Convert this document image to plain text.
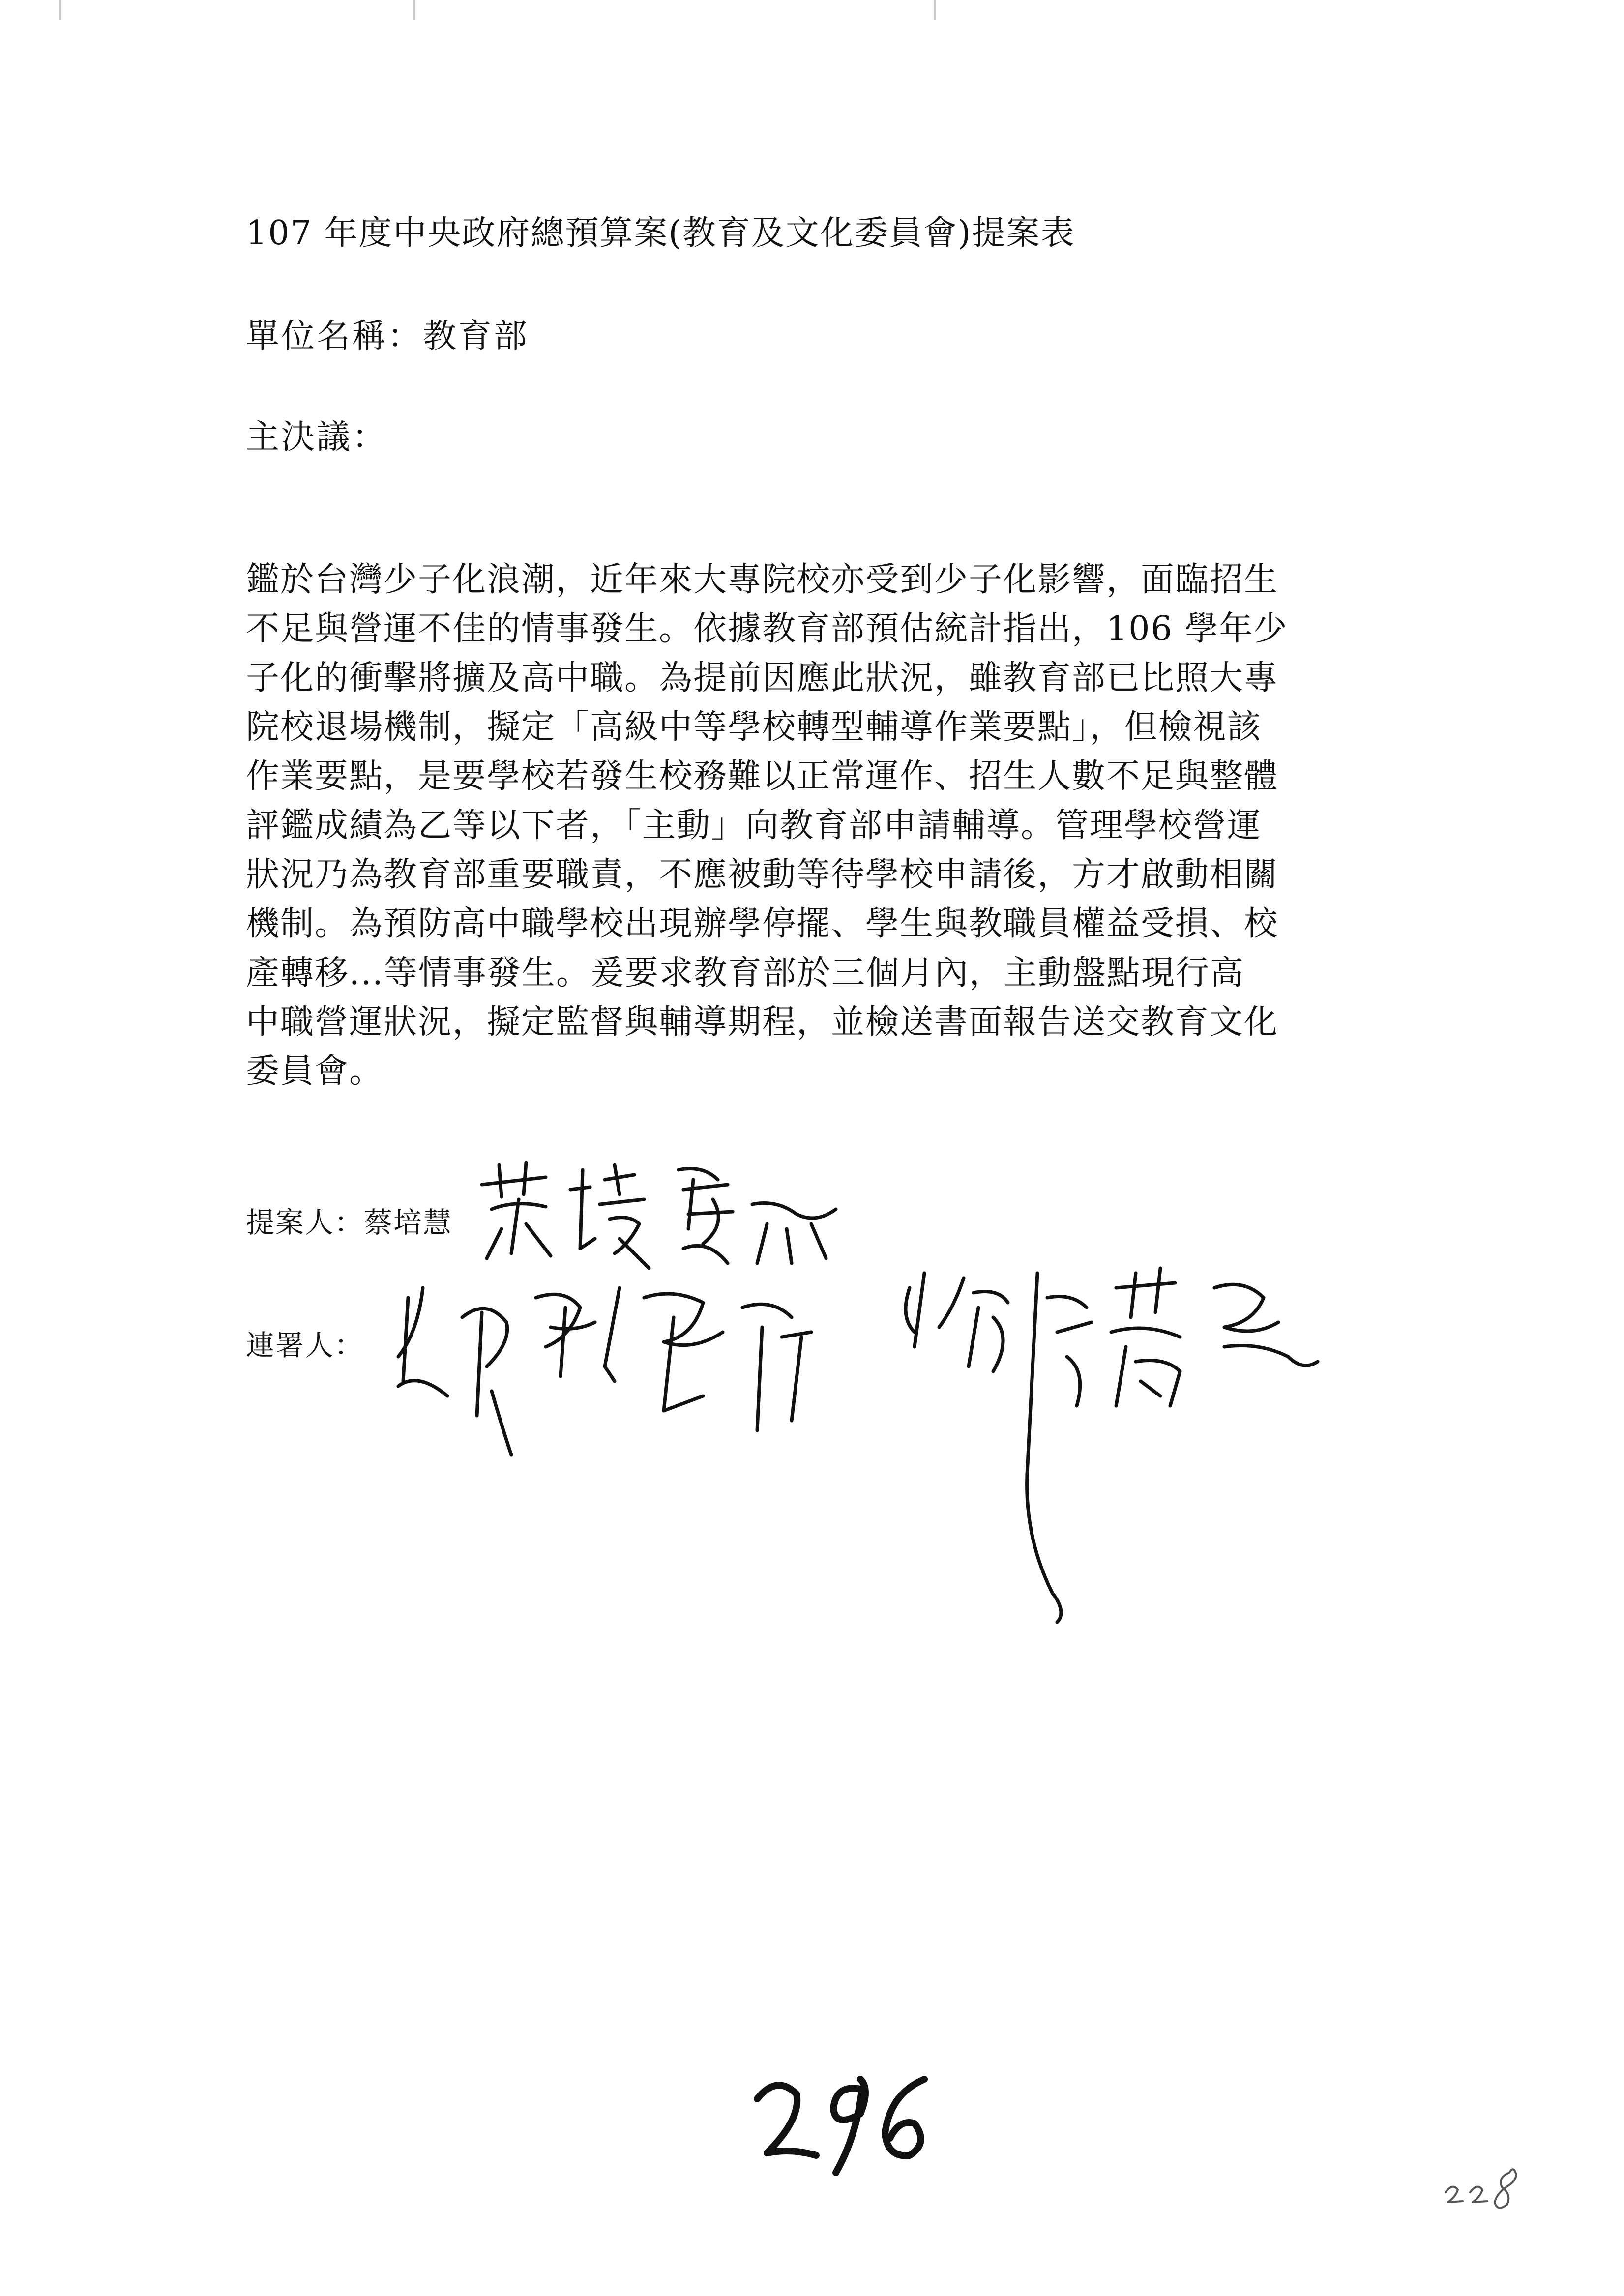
107 年度中央政府總預算案(教育及文化委員會)提案表
單位名稱：教育部
主決議：
鑑於台灣少子化浪潮，近年來大專院校亦受到少子化影響，面臨招生
不足與營運不佳的情事發生。依據教育部預估統計指出，106 學年少
子化的衝擊將擴及高中職。為提前因應此狀況，雖教育部已比照大專
院校退場機制，擬定「高級中等學校轉型輔導作業要點」，但檢視該
作業要點，是要學校若發生校務難以正常運作、招生人數不足與整體
評鑑成績為乙等以下者，「主動」向教育部申請輔導。管理學校營運
狀況乃為教育部重要職責，不應被動等待學校申請後，方才啟動相關
機制。為預防高中職學校出現辦學停擺、學生與教職員權益受損、校
產轉移...等情事發生。爰要求教育部於三個月內，主動盤點現行高
中職營運狀況，擬定監督與輔導期程，並檢送書面報告送交教育文化
委員會。
提案人：蔡培慧
連署人：
